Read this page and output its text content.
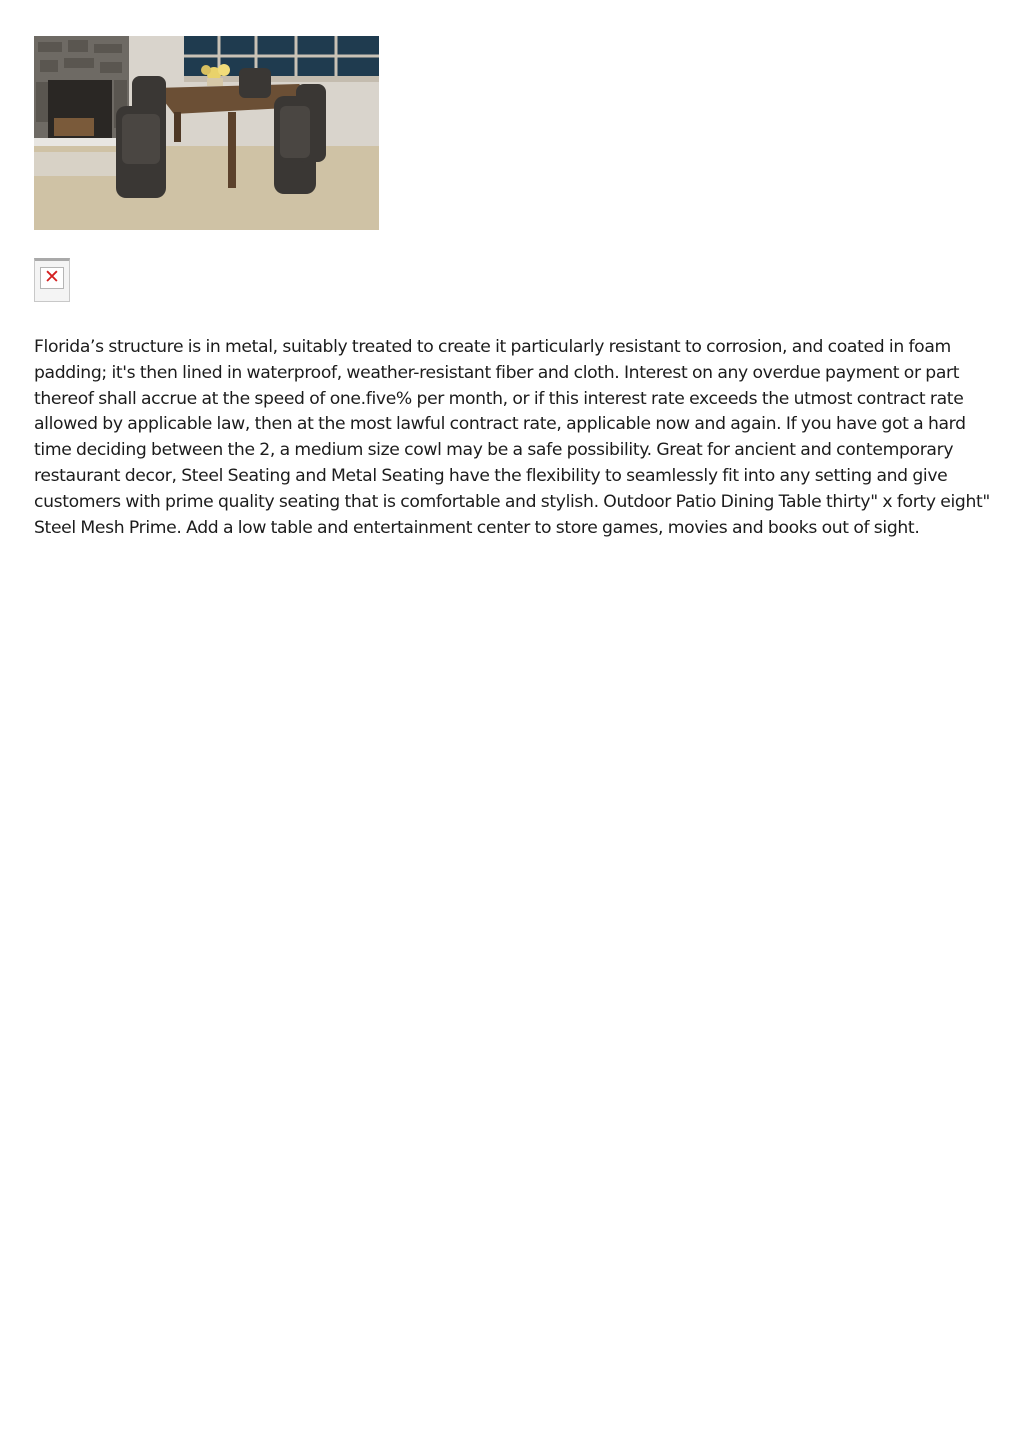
✕

Florida’s structure is in metal, suitably treated to create it particularly resistant to corrosion, and coated in foam padding; it's then lined in waterproof, weather-resistant fiber and cloth. Interest on any overdue payment or part thereof shall accrue at the speed of one.five% per month, or if this interest rate exceeds the utmost contract rate allowed by applicable law, then at the most lawful contract rate, applicable now and again. If you have got a hard time deciding between the 2, a medium size cowl may be a safe possibility. Great for ancient and contemporary restaurant decor, Steel Seating and Metal Seating have the flexibility to seamlessly fit into any setting and give customers with prime quality seating that is comfortable and stylish. Outdoor Patio Dining Table thirty" x forty eight" Steel Mesh Prime. Add a low table and entertainment center to store games, movies and books out of sight.
